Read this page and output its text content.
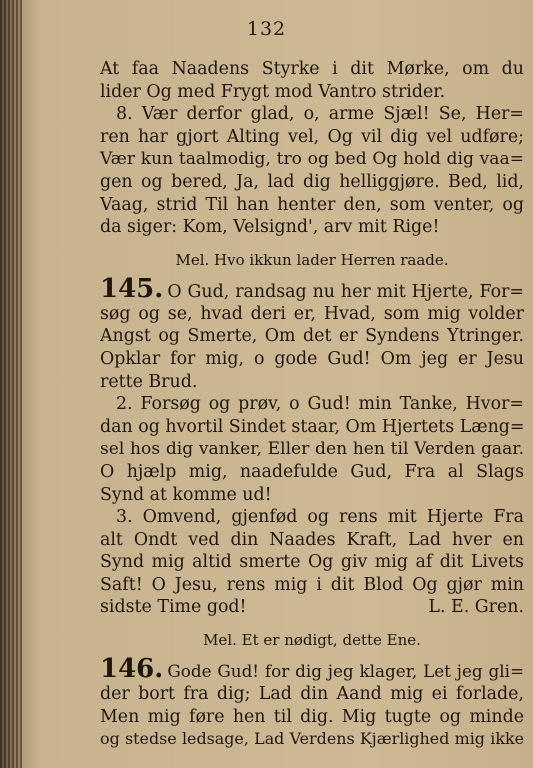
132
At faa Naadens Styrke i dit Mørke, om du
lider Og med Frygt mod Vantro strider.
8. Vær derfor glad, o, arme Sjæl! Se, Her=
ren har gjort Alting vel, Og vil dig vel udføre;
Vær kun taalmodig, tro og bed Og hold dig vaa=
gen og bered, Ja, lad dig helliggjøre. Bed, lid,
Vaag, strid Til han henter den, som venter, og
da siger: Kom, Velsignd', arv mit Rige!
Mel. Hvo ikkun lader Herren raade.
145. O Gud, randsag nu her mit Hjerte, For=
søg og se, hvad deri er, Hvad, som mig volder
Angst og Smerte, Om det er Syndens Ytringer.
Opklar for mig, o gode Gud! Om jeg er Jesu
rette Brud.
2. Forsøg og prøv, o Gud! min Tanke, Hvor=
dan og hvortil Sindet staar, Om Hjertets Læng=
sel hos dig vanker, Eller den hen til Verden gaar.
O hjælp mig, naadefulde Gud, Fra al Slags
Synd at komme ud!
3. Omvend, gjenfød og rens mit Hjerte Fra
alt Ondt ved din Naades Kraft, Lad hver en
Synd mig altid smerte Og giv mig af dit Livets
Saft! O Jesu, rens mig i dit Blod Og gjør min
sidste Time god!	L. E. Gren.
Mel. Et er nødigt, dette Ene.
146. Gode Gud! for dig jeg klager, Let jeg gli=
der bort fra dig; Lad din Aand mig ei forlade,
Men mig føre hen til dig. Mig tugte og minde
og stedse ledsage, Lad Verdens Kjærlighed mig ikke
